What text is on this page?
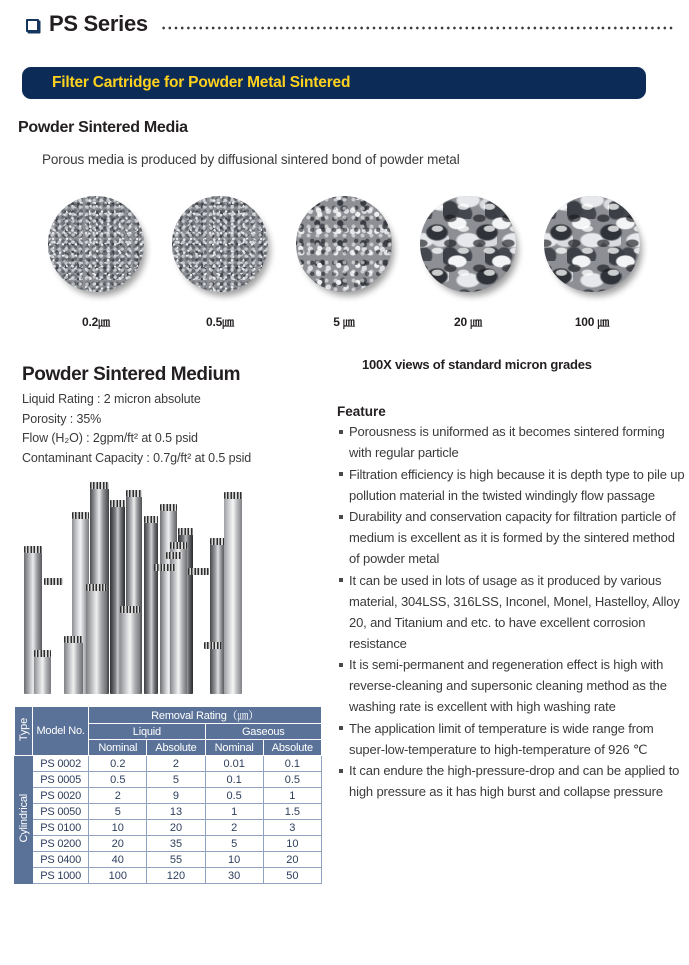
PS Series
Filter Cartridge for Powder Metal Sintered
Powder Sintered Media
Porous media is produced by diffusional sintered bond of powder metal
0.2㎛	0.5㎛	5 ㎛	20 ㎛	100 ㎛
Powder Sintered Medium
Liquid Rating : 2 micron absolute
Porosity : 35%
Flow (H₂O) : 2gpm/ft² at 0.5 psid
Contaminant Capacity : 0.7g/ft² at 0.5 psid
100X views of standard micron grades
Feature
Porousness is uniformed as it becomes sintered forming with regular particle
Filtration efficiency is high because it is depth type to pile up pollution material in the twisted windingly flow passage
Durability and conservation capacity for filtration particle of medium is excellent as it is formed by the sintered method of powder metal
It can be used in lots of usage as it produced by various material, 304LSS, 316LSS, Inconel, Monel, Hastelloy, Alloy 20, and Titanium and etc. to have excellent corrosion resistance
It is semi-permanent and regeneration effect is high with reverse-cleaning and supersonic cleaning method as the washing rate is excellent with high washing rate
The application limit of temperature is wide range from super-low-temperature to high-temperature of 926 ℃
It can endure the high-pressure-drop and can be applied to high pressure as it has high burst and collapse pressure
Type	Model No.	Removal Rating（㎛）			
		Liquid		Gaseous	
		Nominal	Absolute	Nominal	Absolute
Cylindrical	PS 0002	0.2	2	0.01	0.1
	PS 0005	0.5	5	0.1	0.5
	PS 0020	2	9	0.5	1
	PS 0050	5	13	1	1.5
	PS 0100	10	20	2	3
	PS 0200	20	35	5	10
	PS 0400	40	55	10	20
	PS 1000	100	120	30	50
